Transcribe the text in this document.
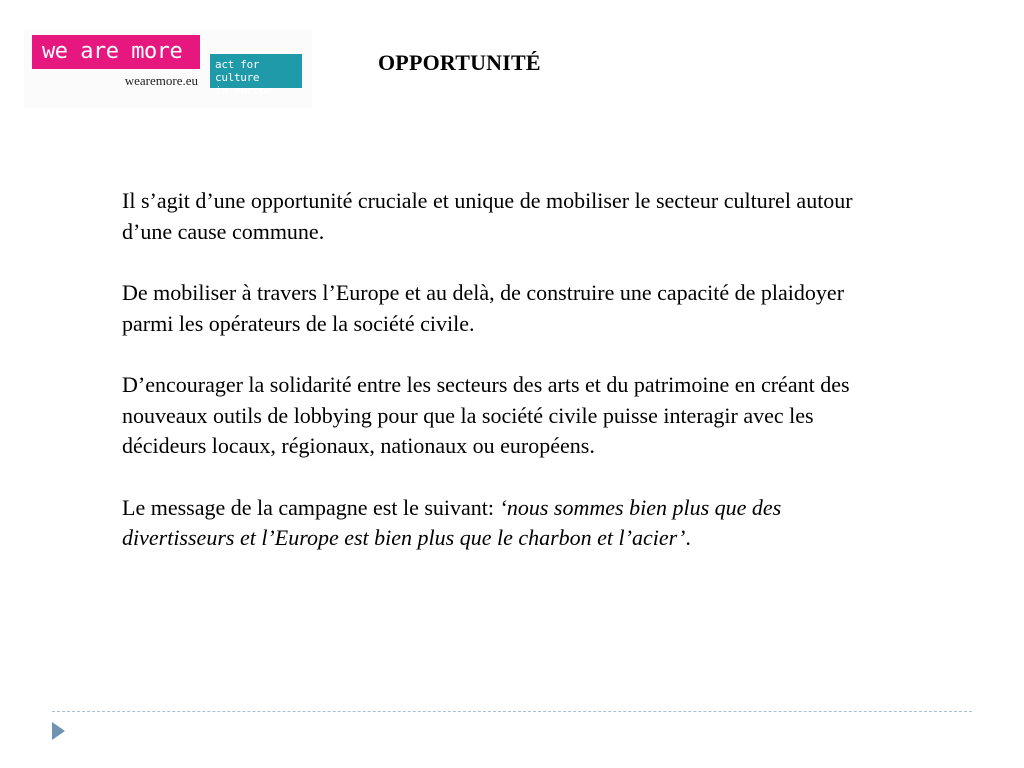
we are more
wearemore.eu
act for culture
in europe
OPPORTUNITÉ

Il s’agit d’une opportunité cruciale et unique de mobiliser le secteur culturel autour d’une cause commune.

De mobiliser à travers l’Europe et au delà, de construire une capacité de plaidoyer parmi les opérateurs de la société civile.

D’encourager la solidarité entre les secteurs des arts et du patrimoine en créant des nouveaux outils de lobbying pour que la société civile puisse interagir avec les décideurs locaux, régionaux, nationaux ou européens.

Le message de la campagne est le suivant: ‘nous sommes bien plus que des divertisseurs et l’Europe est bien plus que le charbon et l’acier’.
